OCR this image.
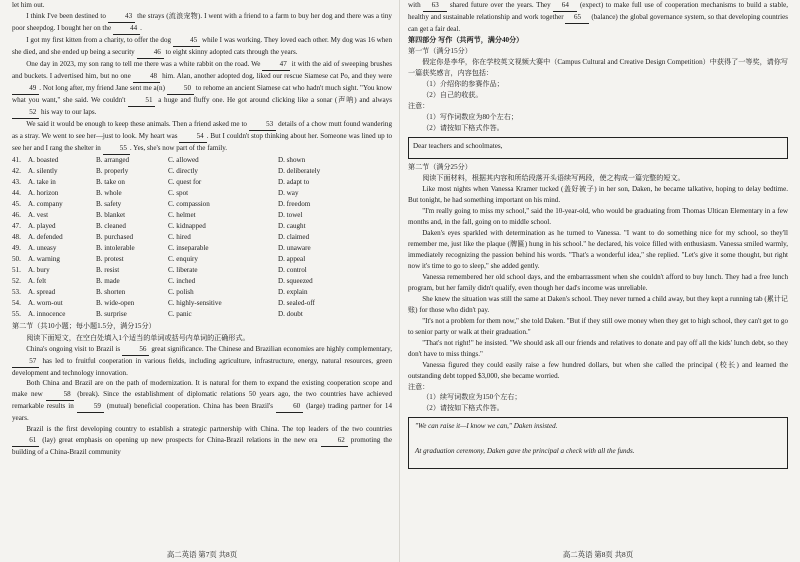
let him out.

I think I've been destined to 43 the strays (流浪宠物). I went with a friend to a farm to buy her dog and there was a tiny poor sheepdog. I bought her on the 44 .

I got my first kitten from a charity, to offer the dog 45 while I was working. They loved each other. My dog was 16 when she died, and she ended up being a security 46 to eight skinny adopted cats through the years.

One day in 2023, my son rang to tell me there was a white rabbit on the road. We 47 it with the aid of sweeping brushes and buckets. I advertised him, but no one 48 him. Alan, another adopted dog, liked our rescue Siamese cat Po, and they were 49 . Not long after, my friend Jane sent me a(n) 50 to rehome an ancient Siamese cat who hadn't much sight. "You know what you want," she said. We couldn't 51 a huge and fluffy one. He got around clicking like a sonar (声呐) and always 52 his way to our laps.

We said it would be enough to keep these animals. Then a friend asked me to 53 details of a chow mutt found wandering as a stray. We went to see her—just to look. My heart was 54 . But I couldn't stop thinking about her. Someone was lined up to see her and I rang the shelter in 55 . Yes, she's now part of the family.

41.	A. boasted	B. arranged	C. allowed	D. shown
42.	A. silently	B. properly	C. directly	D. deliberately
43.	A. take in	B. take on	C. quest for	D. adapt to
44.	A. horizon	B. whole	C. spot	D. way
45.	A. company	B. safety	C. compassion	D. freedom
46.	A. vest	B. blanket	C. helmet	D. towel
47.	A. played	B. cleaned	C. kidnapped	D. caught
48.	A. defended	B. purchased	C. hired	D. claimed
49.	A. uneasy	B. intolerable	C. inseparable	D. unaware
50.	A. warning	B. protest	C. enquiry	D. appeal
51.	A. bury	B. resist	C. liberate	D. control
52.	A. felt	B. made	C. inched	D. squeezed
53.	A. spread	B. shorten	C. polish	D. explain
54.	A. worn-out	B. wide-open	C. highly-sensitive	D. sealed-off
55.	A. innocence	B. surprise	C. panic	D. doubt

第二节（共10小题；每小题1.5分，满分15分）

阅读下面短文，在空白处填入1个适当的单词或括号内单词的正确形式。

China's ongoing visit to Brazil is 56 great significance. The Chinese and Brazilian economies are highly complementary, 57 has led to fruitful cooperation in various fields, including agriculture, infrastructure, energy, natural resources, green development and technology innovation.

Both China and Brazil are on the path of modernization. It is natural for them to expand the existing cooperation scope and make new 58 (break). Since the establishment of diplomatic relations 50 years ago, the two countries have achieved remarkable results in 59 (mutual) beneficial cooperation. China has been Brazil's 60 (large) trading partner for 14 years.

Brazil is the first developing country to establish a strategic partnership with China. The top leaders of the two countries 61 (lay) great emphasis on opening up new prospects for China-Brazil relations in the new era 62 promoting the building of a China-Brazil community

高二英语 第7页 共8页

with 63 shared future over the years. They 64 (expect) to make full use of cooperation mechanisms to build a stable, healthy and sustainable relationship and work together 65 (balance) the global governance system, so that developing countries can get a fair deal.

第四部分 写作（共两节，满分40分）

第一节（满分15分）

假定你是李华，你在学校英文视频大赛中（Campus Cultural and Creative Design Competition）中获得了一等奖，请你写一篇获奖感言，内容包括：

（1）介绍你的参赛作品；

（2）自己的收获。

注意：

（1）写作词数应为80个左右；

（2）请按如下格式作答。

Dear teachers and schoolmates,

第二节（满分25分）

阅读下面材料，根据其内容和所给段落开头语续写两段，使之构成一篇完整的短文。

Like most nights when Vanessa Kramer tucked (盖好被子) in her son, Daken, he became talkative, hoping to delay bedtime. But tonight, he had something important on his mind.

"I'm really going to miss my school," said the 10-year-old, who would be graduating from Thomas Ultican Elementary in a few months and, in the fall, going on to middle school.

Daken's eyes sparkled with determination as he turned to Vanessa. "I want to do something nice for my school, so they'll remember me, just like the plaque (牌匾) hung in his school." he declared, his voice filled with enthusiasm. Vanessa smiled warmly, immediately recognizing the passion behind his words. "That's a wonderful idea," she replied. "Let's give it some thought, but right now it's time to go to sleep," she added gently.

Vanessa remembered her old school days, and the embarrassment when she couldn't afford to buy lunch. They had a free lunch program, but her family didn't qualify, even though her dad's income was unreliable.

She knew the situation was still the same at Daken's school. They never turned a child away, but they kept a running tab (累计记账) for those who didn't pay.

"It's not a problem for them now," she told Daken. "But if they still owe money when they get to high school, they can't get to go to senior party or walk at their graduation."

"That's not right!" he insisted. "We should ask all our friends and relatives to donate and pay off all the kids' lunch debt, so they don't have to miss things."

Vanessa figured they could easily raise a few hundred dollars, but when she called the principal (校长) and learned the outstanding debt topped $3,000, she became worried.

注意：

（1）续写词数应为150个左右；

（2）请按如下格式作答。

"We can raise it—I know we can," Daken insisted.
At graduation ceremony, Daken gave the principal a check with all the funds.
高二英语 第8页 共8页
